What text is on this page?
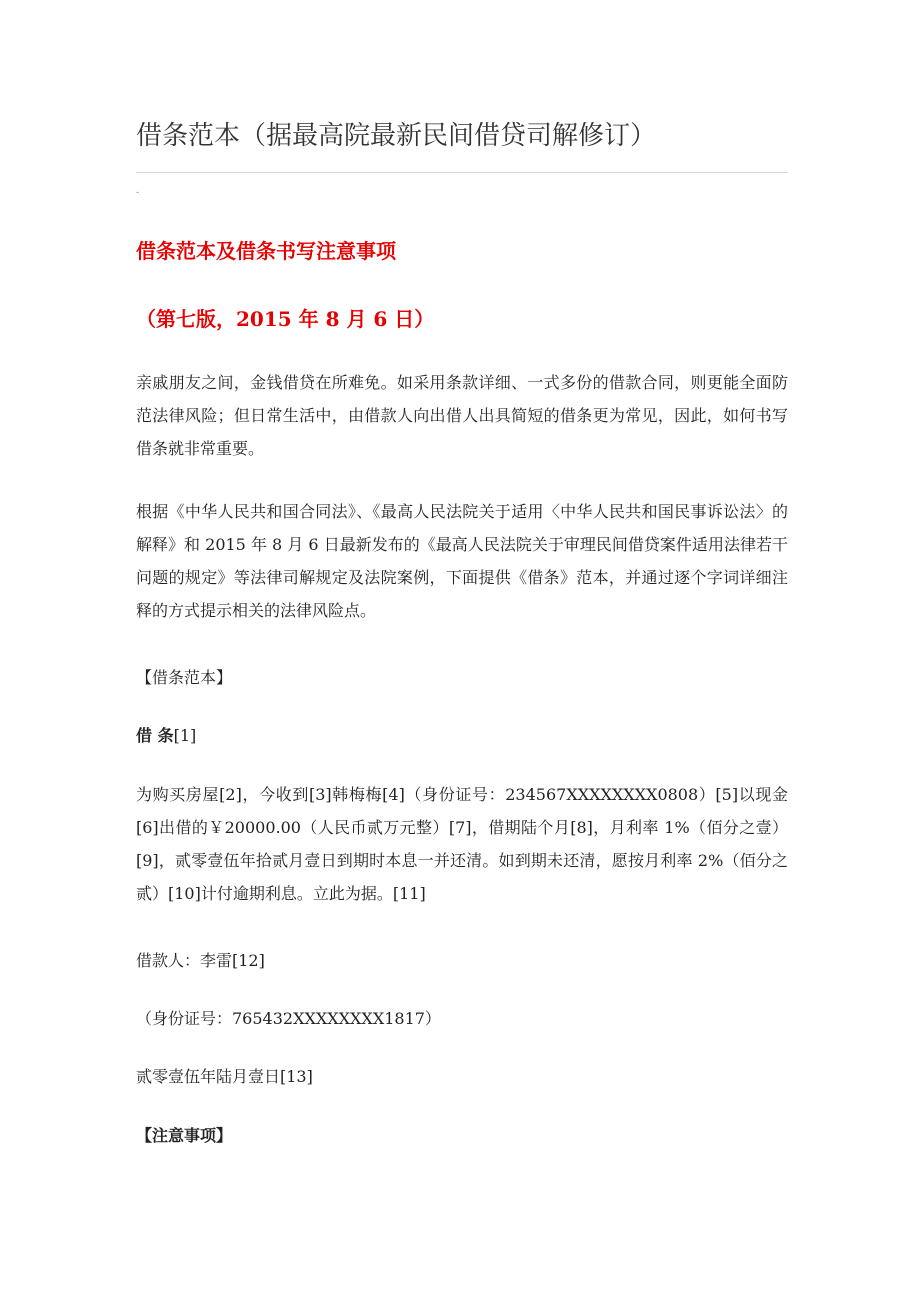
借条范本（据最高院最新民间借贷司解修订）
-
借条范本及借条书写注意事项
（第七版，2015 年 8 月 6 日）
亲戚朋友之间，金钱借贷在所难免。如采用条款详细、一式多份的借款合同，则更能全面防范法律风险；但日常生活中，由借款人向出借人出具简短的借条更为常见，因此，如何书写借条就非常重要。
根据《中华人民共和国合同法》、《最高人民法院关于适用〈中华人民共和国民事诉讼法〉的解释》和 2015 年 8 月 6 日最新发布的《最高人民法院关于审理民间借贷案件适用法律若干问题的规定》等法律司解规定及法院案例，下面提供《借条》范本，并通过逐个字词详细注释的方式提示相关的法律风险点。
【借条范本】
借 条[1]
为购买房屋[2]，今收到[3]韩梅梅[4]（身份证号：234567XXXXXXXX0808）[5]以现金[6]出借的￥20000.00（人民币贰万元整）[7]，借期陆个月[8]，月利率 1%（佰分之壹）[9]，贰零壹伍年拾贰月壹日到期时本息一并还清。如到期未还清，愿按月利率 2%（佰分之贰）[10]计付逾期利息。立此为据。[11]
借款人：李雷[12]
（身份证号：765432XXXXXXXX1817）
贰零壹伍年陆月壹日[13]
【注意事项】
